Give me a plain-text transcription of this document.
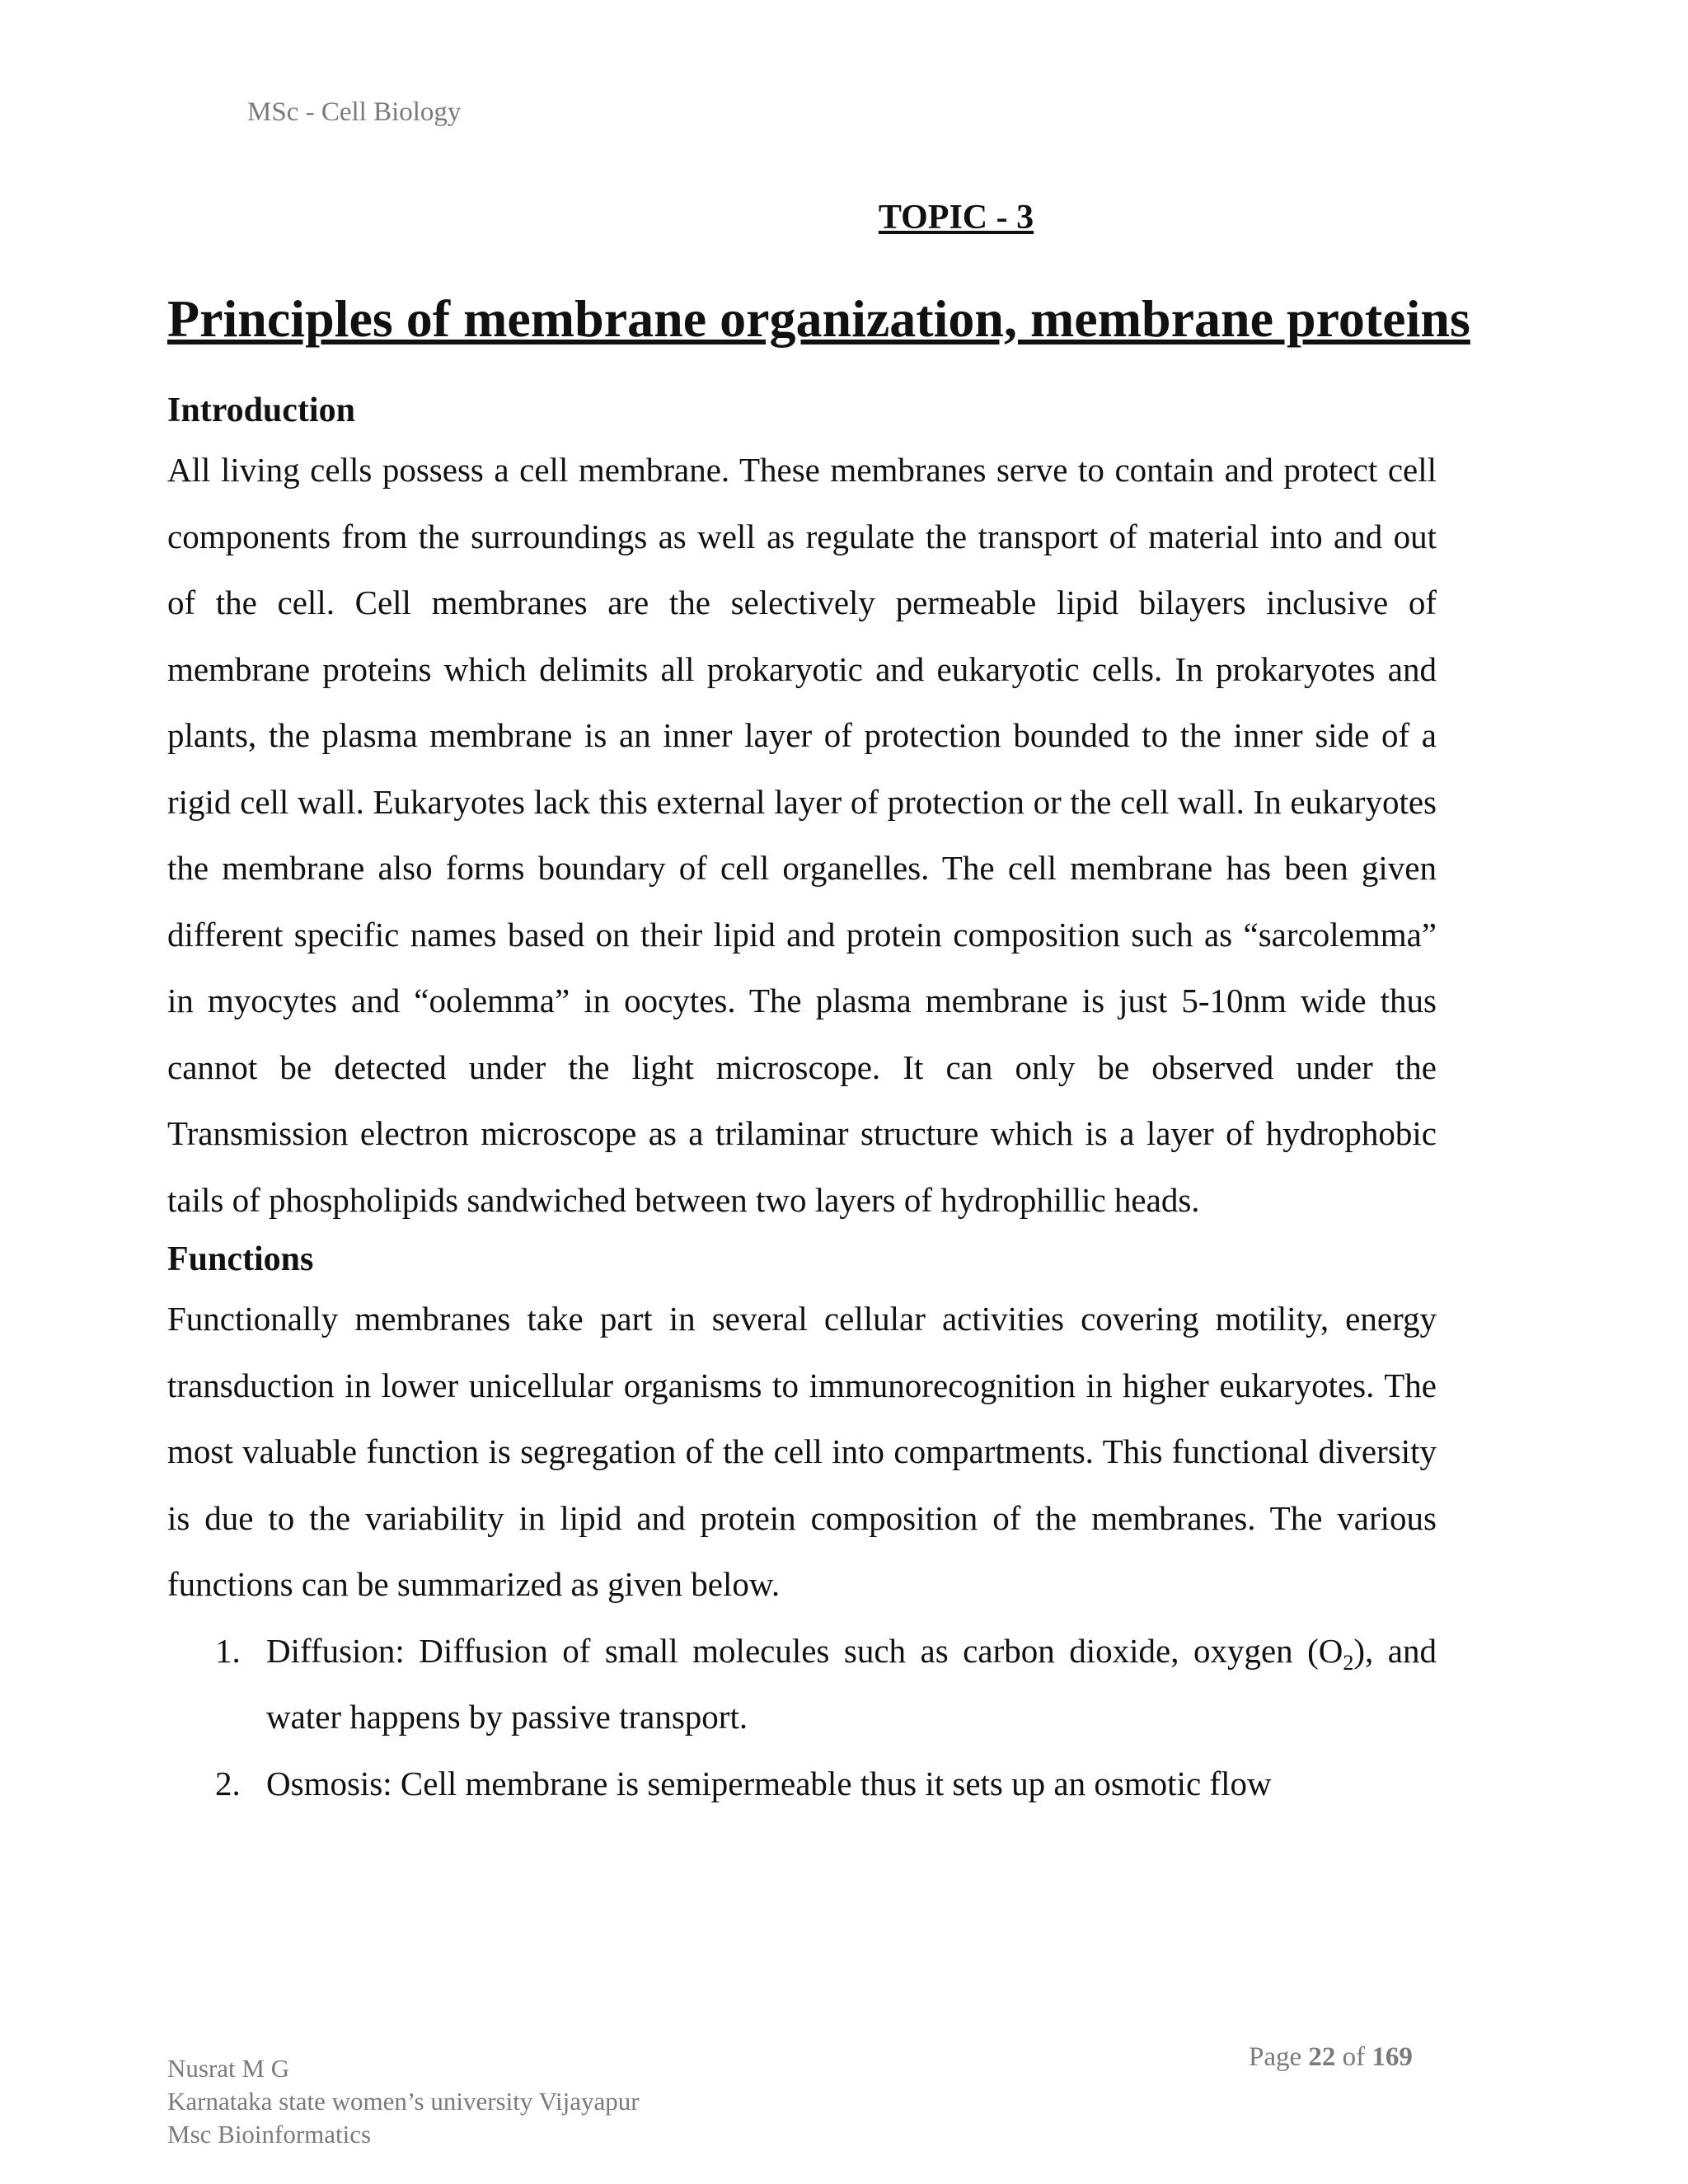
MSc - Cell Biology
TOPIC - 3
Principles of membrane organization, membrane proteins
Introduction

All living cells possess a cell membrane. These membranes serve to contain and protect cell components from the surroundings as well as regulate the transport of material into and out of the cell. Cell membranes are the selectively permeable lipid bilayers inclusive of membrane proteins which delimits all prokaryotic and eukaryotic cells. In prokaryotes and plants, the plasma membrane is an inner layer of protection bounded to the inner side of a rigid cell wall. Eukaryotes lack this external layer of protection or the cell wall. In eukaryotes the membrane also forms boundary of cell organelles. The cell membrane has been given different specific names based on their lipid and protein composition such as “sarcolemma” in myocytes and “oolemma” in oocytes. The plasma membrane is just 5-10nm wide thus cannot be detected under the light microscope. It can only be observed under the Transmission electron microscope as a trilaminar structure which is a layer of hydrophobic tails of phospholipids sandwiched between two layers of hydrophillic heads.

Functions

Functionally membranes take part in several cellular activities covering motility, energy transduction in lower unicellular organisms to immunorecognition in higher eukaryotes. The most valuable function is segregation of the cell into compartments. This functional diversity is due to the variability in lipid and protein composition of the membranes. The various functions can be summarized as given below.

1. Diffusion: Diffusion of small molecules such as carbon dioxide, oxygen $(O_2)$, and water happens by passive transport.
2. Osmosis: Cell membrane is semipermeable thus it sets up an osmotic flow
Nusrat M G
Karnataka state women’s university Vijayapur
Msc Bioinformatics
Page 22 of 169
